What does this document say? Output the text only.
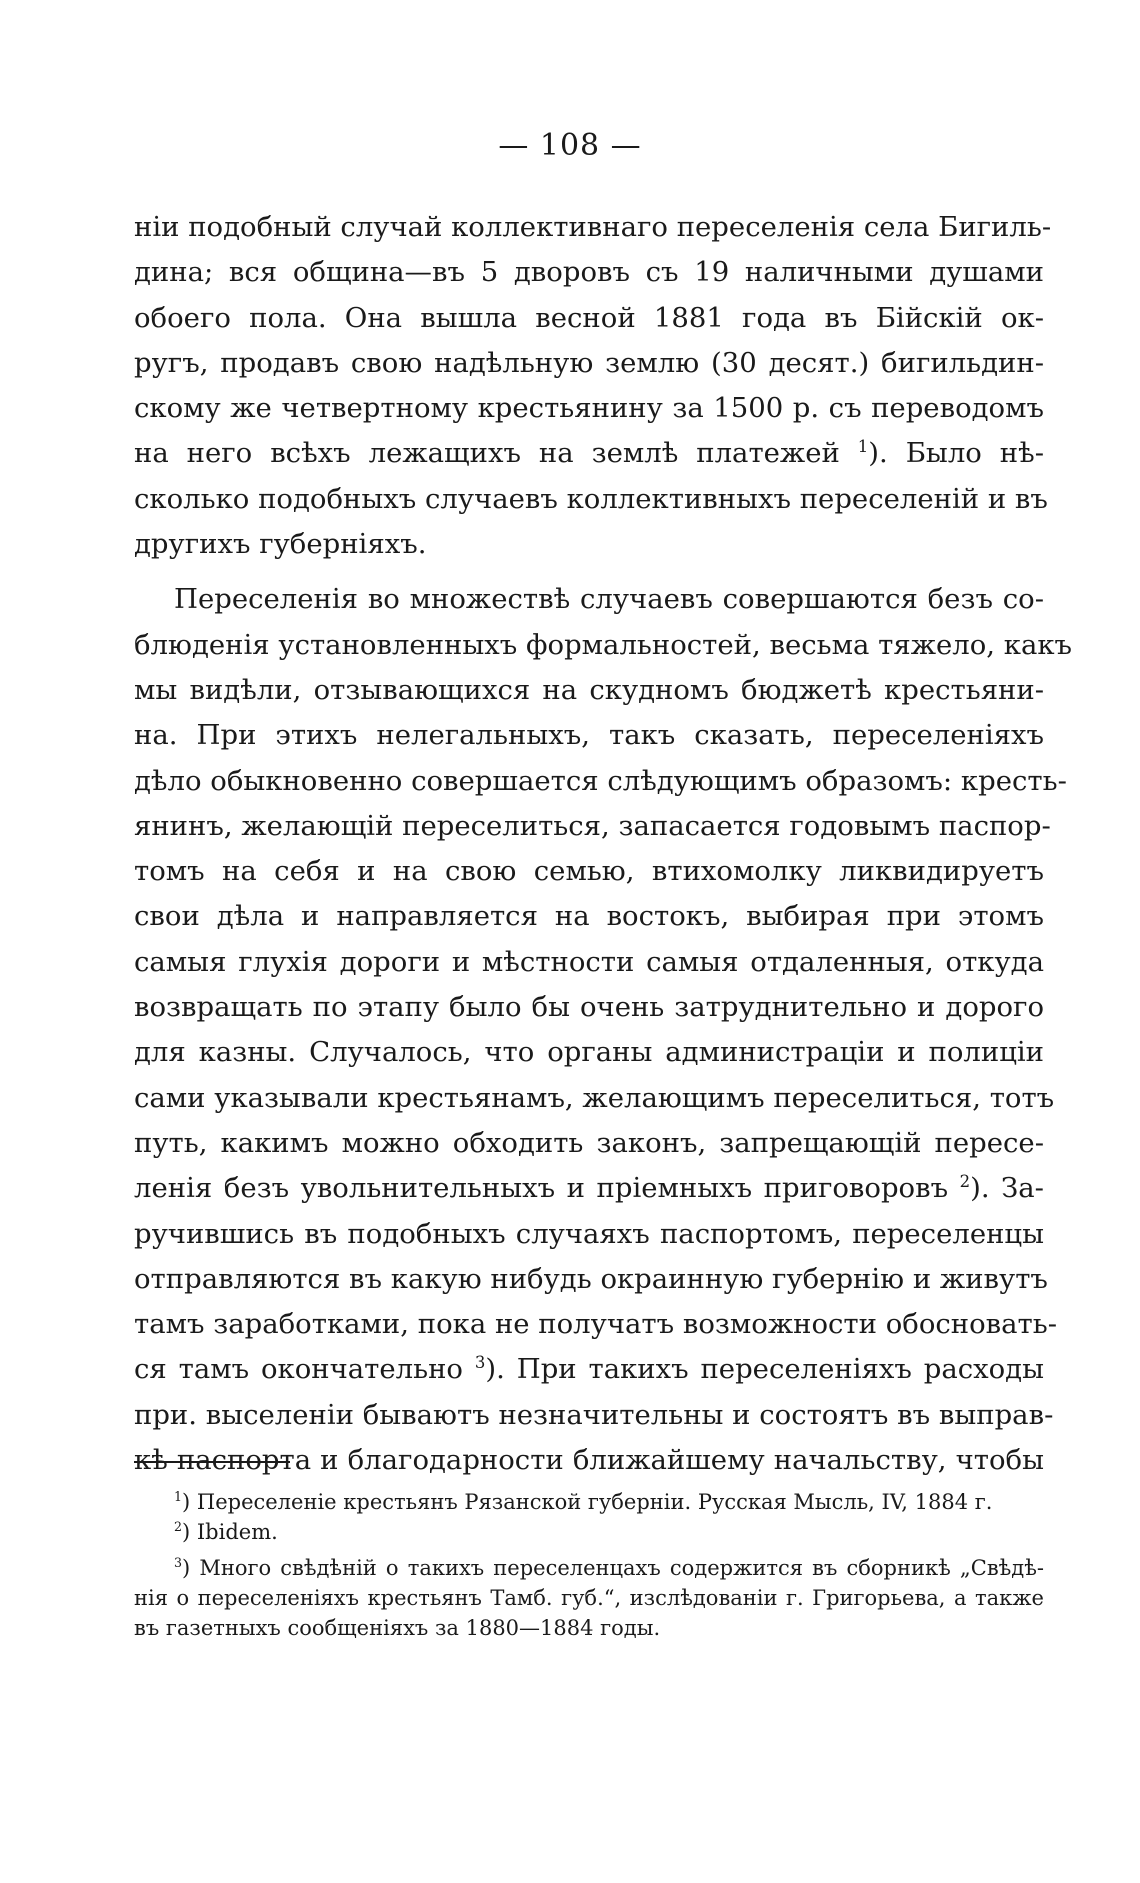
— 108 —
нiи подобный случай коллективнаго переселенiя села Бигиль-
дина; вся община—въ 5 дворовъ съ 19 наличными душами
обоего пола. Она вышла весной 1881 года въ Бiйскiй ок-
ругъ, продавъ свою надѣльную землю (30 десят.) бигильдин-
скому же четвертному крестьянину за 1500 р. съ переводомъ
на него всѣхъ лежащихъ на землѣ платежей $^1$). Было нѣ-
сколько подобныхъ случаевъ коллективныхъ переселенiй и въ
другихъ губернiяхъ.
Переселенiя во множествѣ случаевъ совершаются безъ со-
блюденiя установленныхъ формальностей, весьма тяжело, какъ
мы видѣли, отзывающихся на скудномъ бюджетѣ крестьяни-
на. При этихъ нелегальныхъ, такъ сказать, переселенiяхъ
дѣло обыкновенно совершается слѣдующимъ образомъ: кресть-
янинъ, желающiй переселиться, запасается годовымъ паспор-
томъ на себя и на свою семью, втихомолку ликвидируетъ
свои дѣла и направляется на востокъ, выбирая при этомъ
самыя глухiя дороги и мѣстности самыя отдаленныя, откуда
возвращать по этапу было бы очень затруднительно и дорого
для казны. Случалось, что органы администрацiи и полицiи
сами указывали крестьянамъ, желающимъ переселиться, тотъ
путь, какимъ можно обходить законъ, запрещающiй пересе-
ленiя безъ увольнительныхъ и прiемныхъ приговоровъ $^2$). За-
ручившись въ подобныхъ случаяхъ паспортомъ, переселенцы
отправляются въ какую нибудь окраинную губернiю и живутъ
тамъ заработками, пока не получатъ возможности обосновать-
ся тамъ окончательно $^3$). При такихъ переселенiяхъ расходы
при. выселенiи бываютъ незначительны и состоятъ въ выправ-
кѣ паспорта и благодарности ближайшему начальству, чтобы
$^1$) Переселенiе крестьянъ Рязанской губернiи. Русская Мысль, IV, 1884 г.
$^2$) Ibidem.
$^3$) Много свѣдѣнiй о такихъ переселенцахъ содержится въ сборникѣ „Свѣдѣ-
нiя о переселенiяхъ крестьянъ Тамб. губ.“, изслѣдованiи г. Григорьева, а также
въ газетныхъ сообщенiяхъ за 1880—1884 годы.
